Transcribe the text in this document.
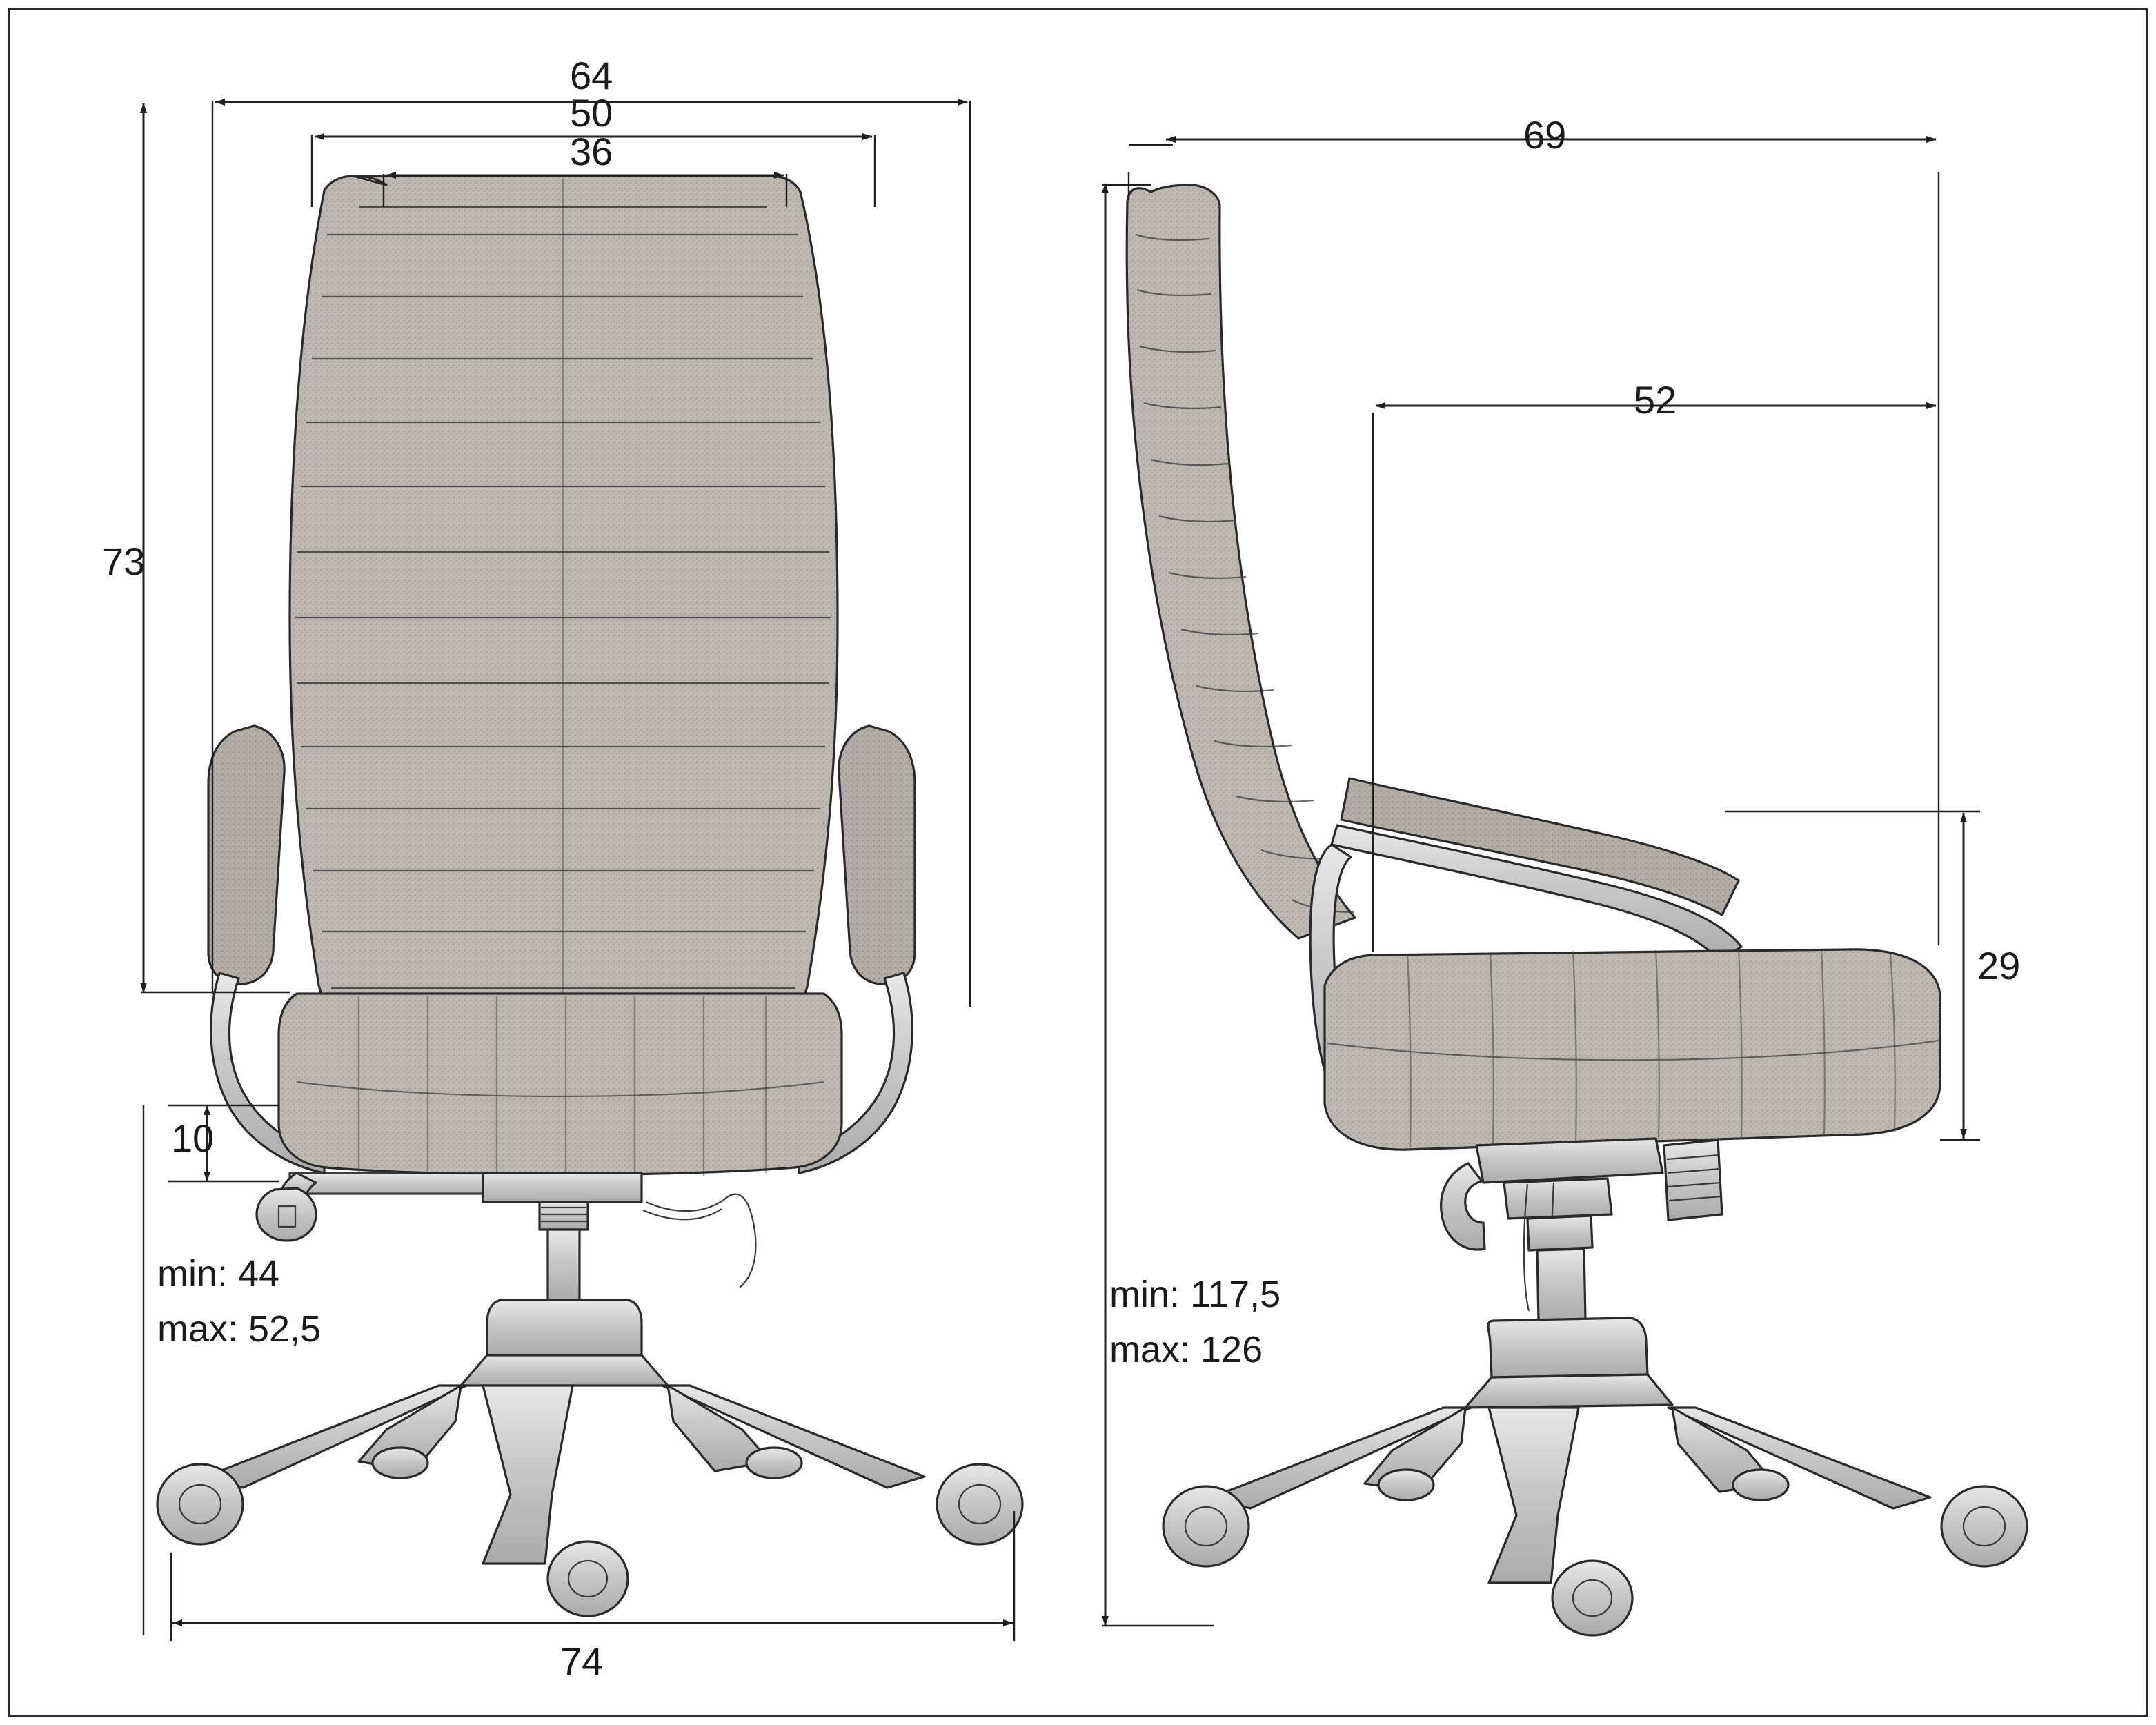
64
50
36
73
10
74
min: 44
max: 52,5
69
52
29
min: 117,5
max: 126
